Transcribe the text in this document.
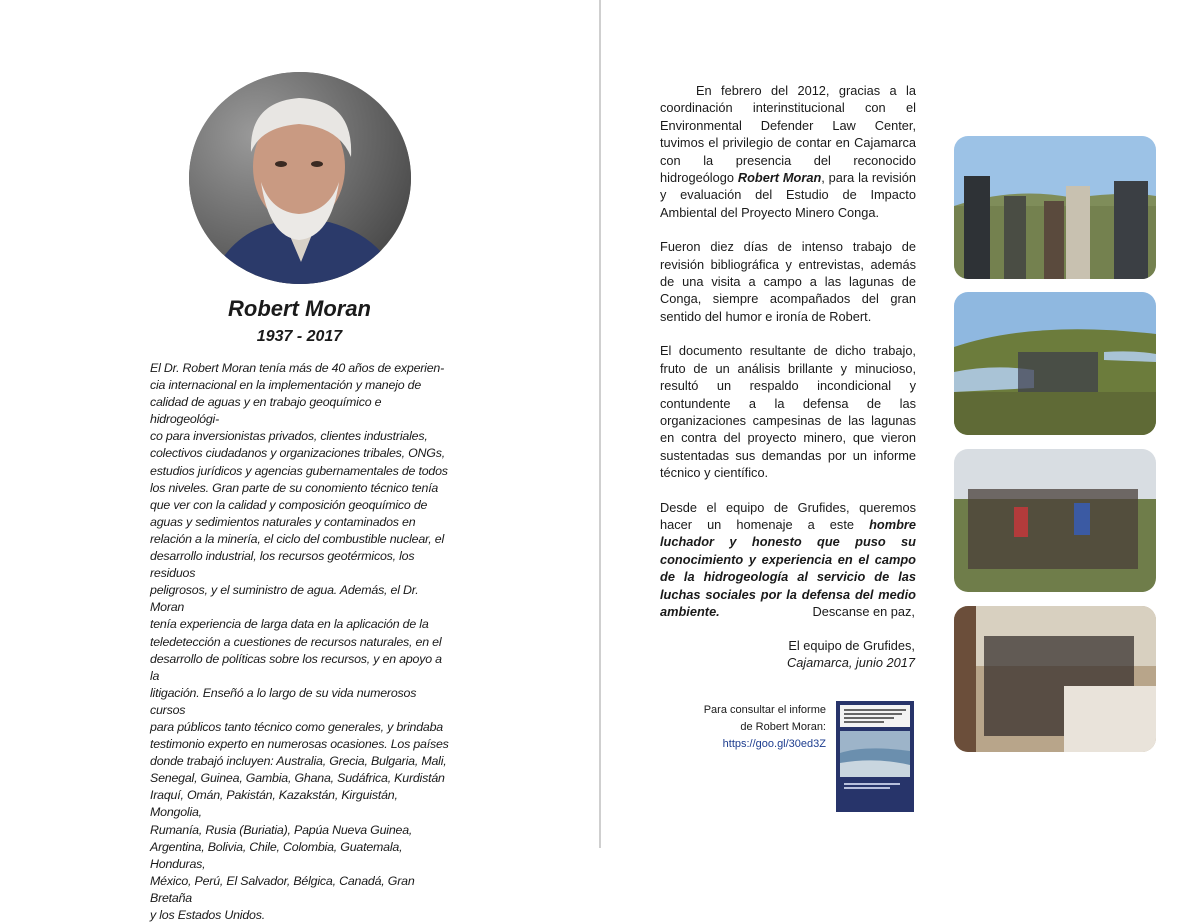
Robert Moran
1937 - 2017
El Dr. Robert Moran tenía más de 40 años de experien-
cia internacional en la implementación y manejo de
calidad de aguas y en trabajo geoquímico e hidrogeológi-
co para inversionistas privados, clientes industriales,
colectivos ciudadanos y organizaciones tribales, ONGs,
estudios jurídicos y agencias gubernamentales de todos
los niveles. Gran parte de su conomiento técnico tenía
que ver con la calidad y composición geoquímico de
aguas y sedimientos naturales y contaminados en
relación a la minería, el ciclo del combustible nuclear, el
desarrollo industrial, los recursos geotérmicos, los residuos
peligrosos, y el suministro de agua. Además, el Dr. Moran
tenía experiencia de larga data en la aplicación de la
teledetección a cuestiones de recursos naturales, en el
desarrollo de políticas sobre los recursos, y en apoyo a la
litigación. Enseñó a lo largo de su vida numerosos cursos
para públicos tanto técnico como generales, y brindaba
testimonio experto en numerosas ocasiones. Los países
donde trabajó incluyen: Australia, Grecia, Bulgaria, Mali,
Senegal, Guinea, Gambia, Ghana, Sudáfrica, Kurdistán
Iraquí, Omán, Pakistán, Kazakstán, Kirguistán, Mongolia,
Rumanía, Rusia (Buriatia), Papúa Nueva Guinea,
Argentina, Bolivia, Chile, Colombia, Guatemala, Honduras,
México, Perú, El Salvador, Bélgica, Canadá, Gran Bretaña
y los Estados Unidos.

En febrero del 2012, gracias a la coordinación interinstitucional con el Environmental Defender Law Center, tuvimos el privilegio de contar en Cajamarca con la presencia del reconocido hidrogeólogo Robert Moran, para la revisión y evaluación del Estudio de Impacto Ambiental del Proyecto Minero Conga.

Fueron diez días de intenso trabajo de revisión bibliográfica y entrevistas, además de una visita a campo a las lagunas de Conga, siempre acompañados del gran sentido del humor e ironía de Robert.

El documento resultante de dicho trabajo, fruto de un análisis brillante y minucioso, resultó un respaldo incondicional y contundente a la defensa de las organizaciones campesinas de las lagunas en contra del proyecto minero, que vieron sustentadas sus demandas por un informe técnico y científico.

Desde el equipo de Grufides, queremos hacer un homenaje a este hombre luchador y honesto que puso su conocimiento y experiencia en el campo de la hidrogeología al servicio de las luchas sociales por la defensa del medio ambiente.	Descanse en paz,
El equipo de Grufides,
Cajamarca, junio 2017
Para consultar el informe
de Robert Moran:
https://goo.gl/30ed3Z
